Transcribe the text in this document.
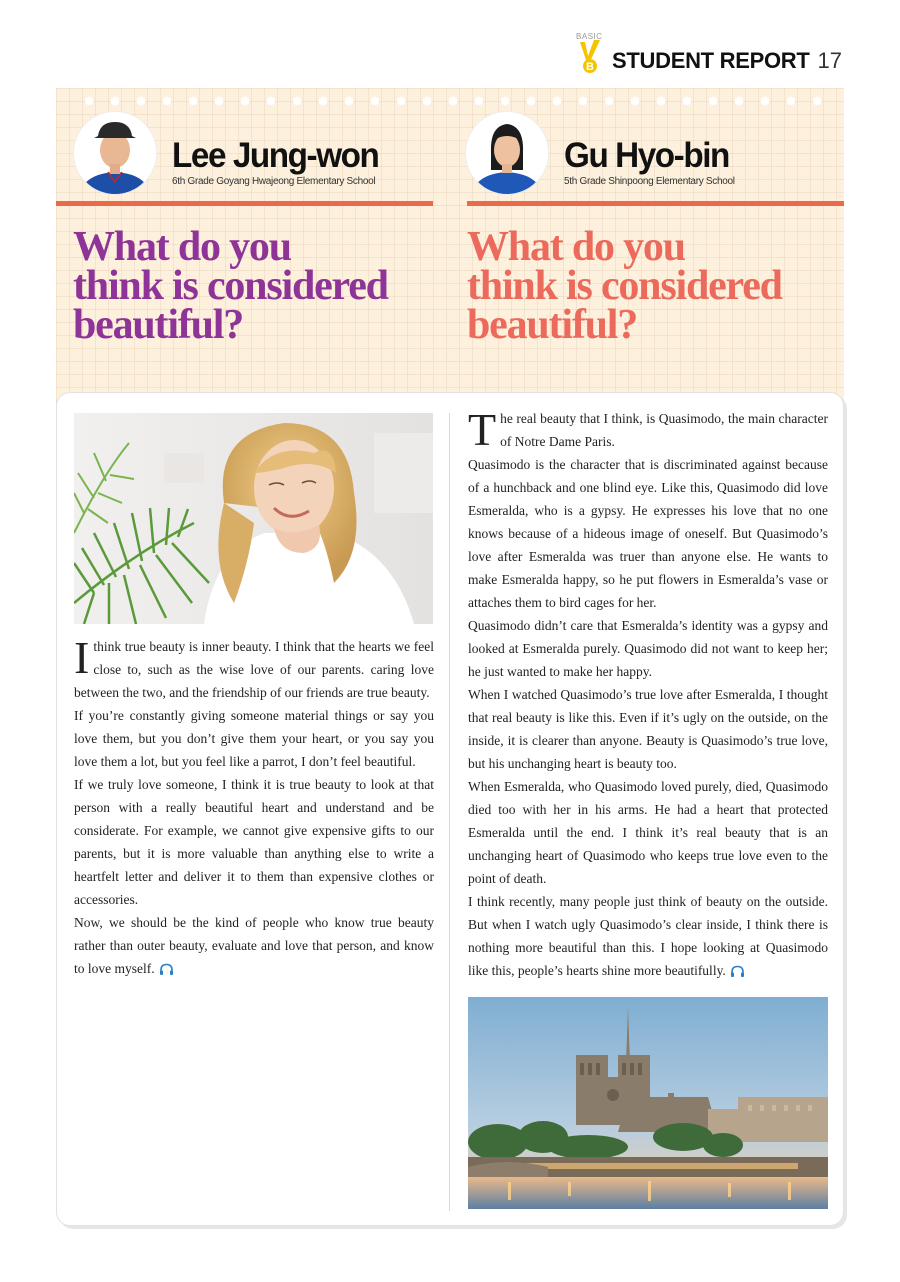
BASIC
B STUDENT REPORT 17
Lee Jung-won
6th Grade Goyang Hwajeong Elementary School
Gu Hyo-bin
5th Grade Shinpoong Elementary School
What do you
think is considered
beautiful?
What do you
think is considered
beautiful?

I think true beauty is inner beauty. I think that the hearts we feel close to, such as the wise love of our parents. caring love between the two, and the friendship of our friends are true beauty.

If you’re constantly giving someone material things or say you love them, but you don’t give them your heart, or you say you love them a lot, but you feel like a parrot, I don’t feel beautiful.

If we truly love someone, I think it is true beauty to look at that person with a really beautiful heart and understand and be considerate. For example, we cannot give expensive gifts to our parents, but it is more valuable than anything else to write a heartfelt letter and deliver it to them than expensive clothes or accessories.

Now, we should be the kind of people who know true beauty rather than outer beauty, evaluate and love that person, and know to love myself.

The real beauty that I think, is Quasimodo, the main character of Notre Dame Paris.

Quasimodo is the character that is discriminated against because of a hunchback and one blind eye. Like this, Quasimodo did love Esmeralda, who is a gypsy. He expresses his love that no one knows because of a hideous image of oneself. But Quasimodo’s love after Esmeralda was truer than anyone else. He wants to make Esmeralda happy, so he put flowers in Esmeralda’s vase or attaches them to bird cages for her.

Quasimodo didn’t care that Esmeralda’s identity was a gypsy and looked at Esmeralda purely. Quasimodo did not want to keep her; he just wanted to make her happy.

When I watched Quasimodo’s true love after Esmeralda, I thought that real beauty is like this. Even if it’s ugly on the outside, on the inside, it is clearer than anyone. Beauty is Quasimodo’s true love, but his unchanging heart is beauty too.

When Esmeralda, who Quasimodo loved purely, died, Quasimodo died too with her in his arms. He had a heart that protected Esmeralda until the end. I think it’s real beauty that is an unchanging heart of Quasimodo who keeps true love even to the point of death.

I think recently, many people just think of beauty on the outside. But when I watch ugly Quasimodo’s clear inside, I think there is nothing more beautiful than this. I hope looking at Quasimodo like this, people’s hearts shine more beautifully.
